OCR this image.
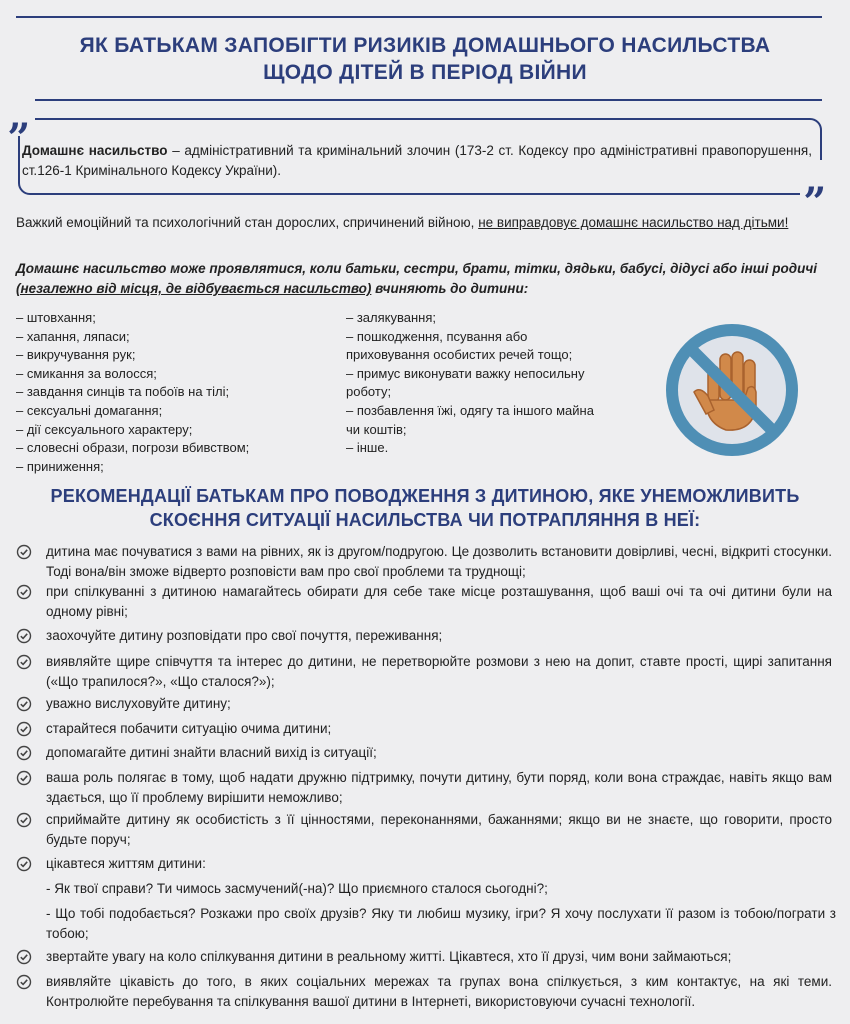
ЯК БАТЬКАМ ЗАПОБІГТИ РИЗИКІВ ДОМАШНЬОГО НАСИЛЬСТВА
ЩОДО ДІТЕЙ В ПЕРІОД ВІЙНИ
„
„
Домашнє насильство – адміністративний та кримінальний злочин (173-2 ст. Кодексу про адміністративні правопорушення, ст.126-1 Кримінального Кодексу України).
Важкий емоційний та психологічний стан дорослих, спричинений війною, не виправдовує домашнє насильство над дітьми!
Домашнє насильство може проявлятися, коли батьки, сестри, брати, тітки, дядьки, бабусі, дідусі або інші родичі (незалежно від місця, де відбувається насильство) вчиняють до дитини:
– штовхання;
– хапання, ляпаси;
– викручування рук;
– смикання за волосся;
– завдання синців та побоїв на тілі;
– сексуальні домагання;
– дії сексуального характеру;
– словесні образи, погрози вбивством;
– приниження;
– залякування;
– пошкодження, псування або
приховування особистих речей тощо;
– примус виконувати важку непосильну
роботу;
– позбавлення їжі, одягу та іншого майна
чи коштів;
– інше.
РЕКОМЕНДАЦІЇ БАТЬКАМ ПРО ПОВОДЖЕННЯ З ДИТИНОЮ, ЯКЕ УНЕМОЖЛИВИТЬ
СКОЄННЯ СИТУАЦІЇ НАСИЛЬСТВА ЧИ ПОТРАПЛЯННЯ В НЕЇ:
дитина має почуватися з вами на рівних, як із другом/подругою. Це дозволить встановити довірливі, чесні, відкриті стосунки. Тоді вона/він зможе відверто розповісти вам про свої проблеми та труднощі;
при спілкуванні з дитиною намагайтесь обирати для себе таке місце розташування, щоб ваші очі та очі дитини були на одному рівні;
заохочуйте дитину розповідати про свої почуття, переживання;
виявляйте щире співчуття та інтерес до дитини, не перетворюйте розмови з нею на допит, ставте прості, щирі запитання («Що трапилося?», «Що сталося?»);
уважно вислуховуйте дитину;
старайтеся побачити ситуацію очима дитини;
допомагайте дитині знайти власний вихід із ситуації;
ваша роль полягає в тому, щоб надати дружню підтримку, почути дитину, бути поряд, коли вона страждає, навіть якщо вам здається, що її проблему вирішити неможливо;
сприймайте дитину як особистість з її цінностями, переконаннями, бажаннями; якщо ви не знаєте, що говорити, просто будьте поруч;
цікавтеся життям дитини:
- Як твої справи? Ти чимось засмучений(-на)? Що приємного сталося сьогодні?;
- Що тобі подобається? Розкажи про своїх друзів? Яку ти любиш музику, ігри? Я хочу послухати її разом із тобою/пограти з тобою;
звертайте увагу на коло спілкування дитини в реальному житті. Цікавтеся, хто її друзі, чим вони займаються;
виявляйте цікавість до того, в яких соціальних мережах та групах вона спілкується, з ким контактує, на які теми. Контролюйте перебування та спілкування вашої дитини в Інтернеті, використовуючи сучасні технології.
